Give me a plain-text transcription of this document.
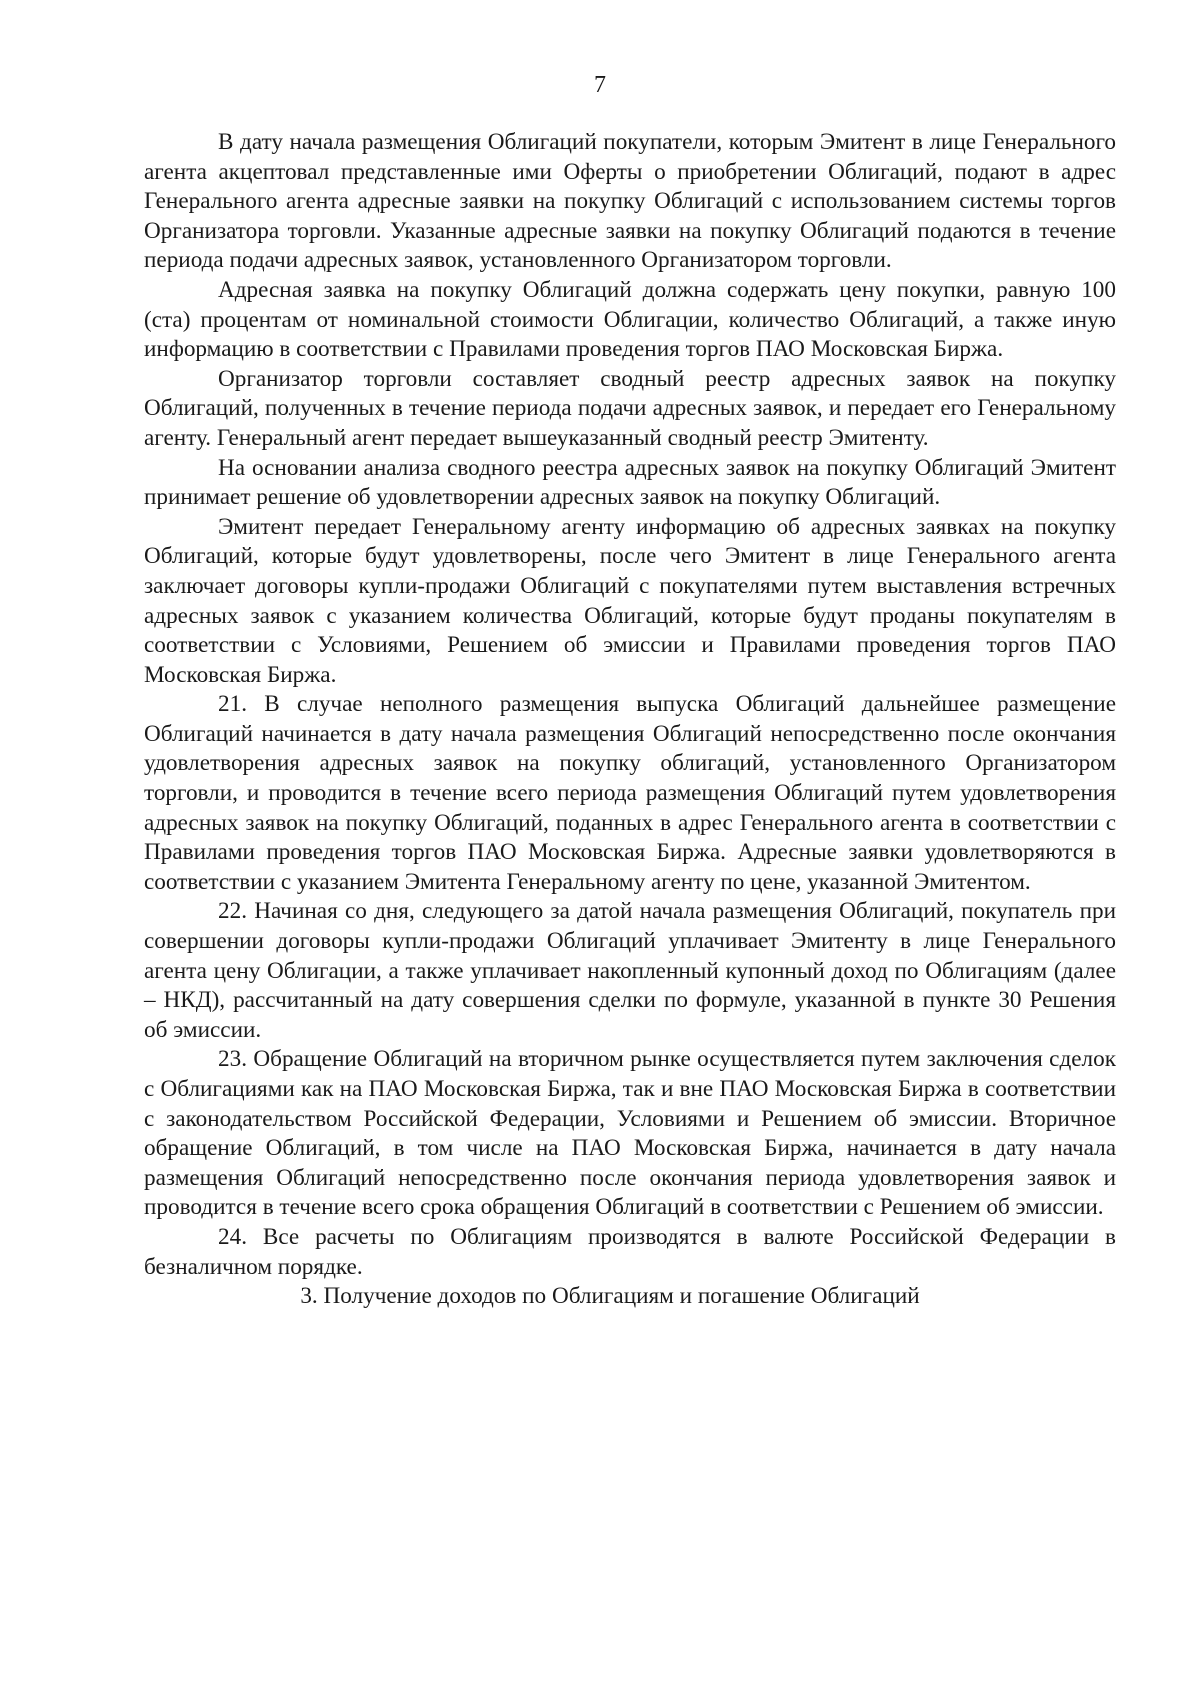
7

В дату начала размещения Облигаций покупатели, которым Эмитент в лице Генерального агента акцептовал представленные ими Оферты о приобретении Облигаций, подают в адрес Генерального агента адресные заявки на покупку Облигаций с использованием системы торгов Организатора торговли. Указанные адресные заявки на покупку Облигаций подаются в течение периода подачи адресных заявок, установленного Организатором торговли.

Адресная заявка на покупку Облигаций должна содержать цену покупки, равную 100 (ста) процентам от номинальной стоимости Облигации, количество Облигаций, а также иную информацию в соответствии с Правилами проведения торгов ПАО Московская Биржа.

Организатор торговли составляет сводный реестр адресных заявок на покупку Облигаций, полученных в течение периода подачи адресных заявок, и передает его Генеральному агенту. Генеральный агент передает вышеуказанный сводный реестр Эмитенту.

На основании анализа сводного реестра адресных заявок на покупку Облигаций Эмитент принимает решение об удовлетворении адресных заявок на покупку Облигаций.

Эмитент передает Генеральному агенту информацию об адресных заявках на покупку Облигаций, которые будут удовлетворены, после чего Эмитент в лице Генерального агента заключает договоры купли-продажи Облигаций с покупателями путем выставления встречных адресных заявок с указанием количества Облигаций, которые будут проданы покупателям в соответствии с Условиями, Решением об эмиссии и Правилами проведения торгов ПАО Московская Биржа.

21. В случае неполного размещения выпуска Облигаций дальнейшее размещение Облигаций начинается в дату начала размещения Облигаций непосредственно после окончания удовлетворения адресных заявок на покупку облигаций, установленного Организатором торговли, и проводится в течение всего периода размещения Облигаций путем удовлетворения адресных заявок на покупку Облигаций, поданных в адрес Генерального агента в соответствии с Правилами проведения торгов ПАО Московская Биржа. Адресные заявки удовлетворяются в соответствии с указанием Эмитента Генеральному агенту по цене, указанной Эмитентом.

22. Начиная со дня, следующего за датой начала размещения Облигаций, покупатель при совершении договоры купли-продажи Облигаций уплачивает Эмитенту в лице Генерального агента цену Облигации, а также уплачивает накопленный купонный доход по Облигациям (далее – НКД), рассчитанный на дату совершения сделки по формуле, указанной в пункте 30 Решения об эмиссии.

23. Обращение Облигаций на вторичном рынке осуществляется путем заключения сделок с Облигациями как на ПАО Московская Биржа, так и вне ПАО Московская Биржа в соответствии с законодательством Российской Федерации, Условиями и Решением об эмиссии. Вторичное обращение Облигаций, в том числе на ПАО Московская Биржа, начинается в дату начала размещения Облигаций непосредственно после окончания периода удовлетворения заявок и проводится в течение всего срока обращения Облигаций в соответствии с Решением об эмиссии.

24. Все расчеты по Облигациям производятся в валюте Российской Федерации в безналичном порядке.

3. Получение доходов по Облигациям и погашение Облигаций
